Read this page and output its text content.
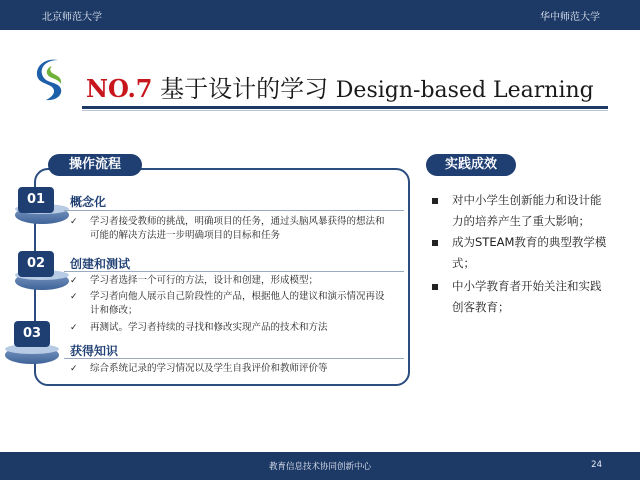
北京师范大学	华中师范大学
NO.7 基于设计的学习 Design-based Learning
操作流程
01	概念化
✓ 学习者接受教师的挑战，明确项目的任务，通过头脑风暴获得的想法和可能的解决方法进一步明确项目的目标和任务
02	创建和测试
✓ 学习者选择一个可行的方法，设计和创建，形成模型；
✓ 学习者向他人展示自己阶段性的产品，根据他人的建议和演示情况再设计和修改；
✓ 再测试。学习者持续的寻找和修改实现产品的技术和方法
03
获得知识
✓ 综合系统记录的学习情况以及学生自我评价和教师评价等
实践成效
对中小学生创新能力和设计能力的培养产生了重大影响；
成为STEAM教育的典型教学模式；
中小学教育者开始关注和实践创客教育；
教育信息技术协同创新中心	24
